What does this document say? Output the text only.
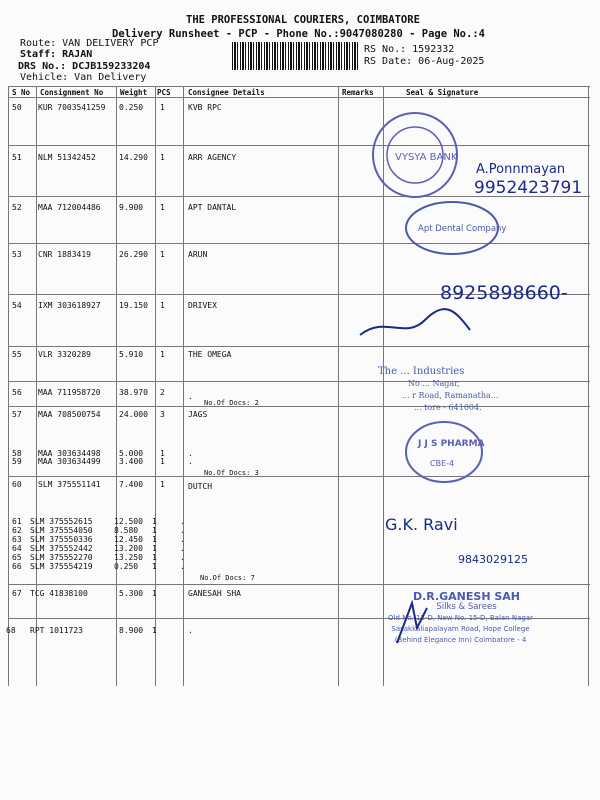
THE PROFESSIONAL COURIERS, COIMBATORE
Delivery Runsheet - PCP - Phone No.:9047080280 - Page No.:4
Route: VAN DELIVERY PCP
Staff: RAJAN
DRS No.: DCJB159233204
Vehicle: Van Delivery
RS No.: 1592332
RS Date: 06-Aug-2025
S No Consignment No Weight PCS Consignee Details	Remarks	Seal & Signature
50 KUR 7003541259 0.250 1	KVB RPC
51 NLM 51342452	14.290 1	ARR AGENCY
52 MAA 712004486 9.900 1	APT DANTAL
53 CNR 1883419	26.290 1	ARUN
54 IXM 303618927 19.150 1	DRIVEX
55 VLR 3320289	5.910 1	THE OMEGA
56 MAA 711958720 38.970 2	.
No.Of Docs: 2
57 MAA 708500754 24.000 3	JAGS
58 MAA 303634498 5.000 1	.
59 MAA 303634499 3.400 1	.
No.Of Docs: 3
60 SLM 375551141 7.400 1	DUTCH
61 SLM 375552615	12.500 1	.
62 SLM 375554050	8.580 1	.
63 SLM 375550336	12.450 1	.
64 SLM 375552442	13.200 1	.
65 SLM 375552270	13.250 1	.
66 SLM 375554219	0.250 1	.
No.Of Docs: 7
67 TCG 41838100	5.300 1	GANESAH SHA
68 RPT 1011723	8.900 1	.
VYSYA BANK
A.Ponnmayan
9952423791
Apt Dental Company
8925898660-
The ... Industries
No ... Nagar,
... r Road, Ramanatha...
... tore - 641004.
J J S PHARMA
CBE-4
G.K. Ravi
9843029125
D.R.GANESH SAH
Silks & Sarees
Old No. 12-D, New No. 15-D, Balan Nagar
Sasakkaliapalayam Road, Hope College
(Behind Elegance Inn) Coimbatore - 4
